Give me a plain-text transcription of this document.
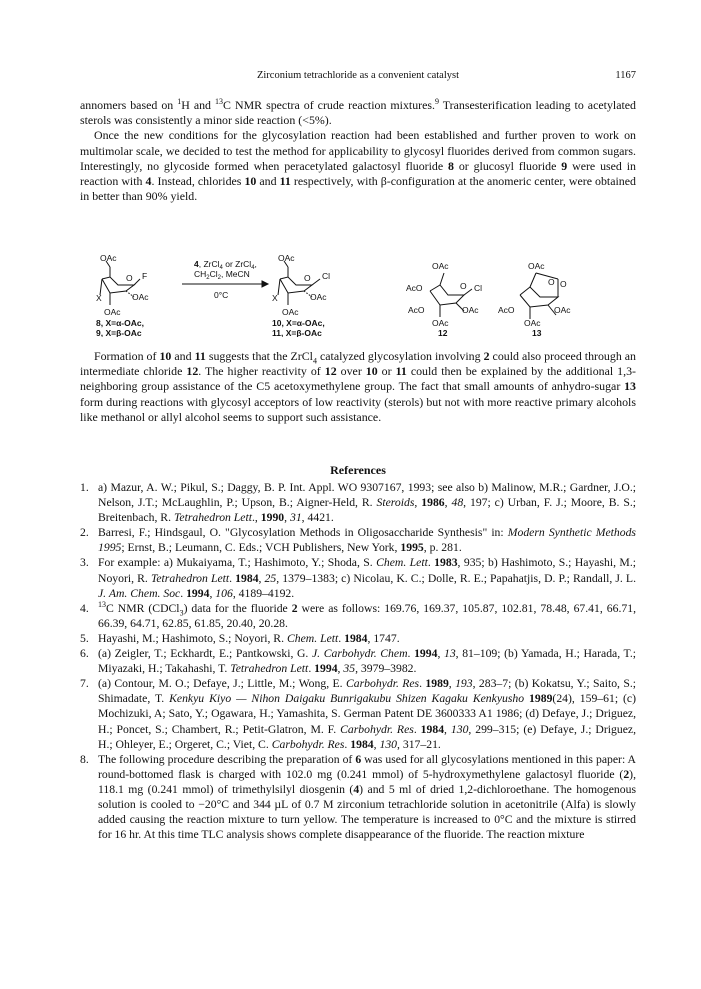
Zirconium tetrachloride as a convenient catalyst	1167

annomers based on $^1$H and $^{13}$C NMR spectra of crude reaction mixtures.$^9$ Transesterification leading to acetylated sterols was consistently a minor side reaction (<5%).

Once the new conditions for the glycosylation reaction had been established and further proven to work on multimolar scale, we decided to test the method for applicability to glycosyl fluorides derived from common sugars. Interestingly, no glycoside formed when peracetylated galactosyl fluoride 8 or glucosyl fluoride 9 were used in reaction with 4. Instead, chlorides 10 and 11 respectively, with β-configuration at the anomeric center, were obtained in better than 90% yield.

OAc
F
O
X	OAc
OAc
8, X=α-OAc,
9, X=β-OAc
4, ZrCl$_4$ or ZrCl$_4$,
$CH_2Cl_2$, MeCN
0°C
OAc
Cl
O
X	OAc
OAc
10, X=α-OAc,
11, X=β-OAc
OAc
AcO	O Cl
AcO	OAc
OAc
12
OAc
O O
AcO	OAc
OAc
13

Formation of 10 and 11 suggests that the ZrCl$_4$ catalyzed glycosylation involving 2 could also proceed through an intermediate chloride 12. The higher reactivity of 12 over 10 or 11 could then be explained by the additional 1,3-neighboring group assistance of the C5 acetoxymethylene group. The fact that small amounts of anhydro-sugar 13 form during reactions with glycosyl acceptors of low reactivity (sterols) but not with more reactive primary alcohols like methanol or allyl alcohol seems to support such assistance.

References
1. a) Mazur, A. W.; Pikul, S.; Daggy, B. P. Int. Appl. WO 9307167, 1993; see also b) Malinow, M.R.; Gardner, J.O.; Nelson, J.T.; McLaughlin, P.; Upson, B.; Aigner-Held, R. Steroids, 1986, 48, 197; c) Urban, F. J.; Moore, B. S.; Breitenbach, R. Tetrahedron Lett., 1990, 31, 4421.
2. Barresi, F.; Hindsgaul, O. "Glycosylation Methods in Oligosaccharide Synthesis" in: Modern Synthetic Methods 1995; Ernst, B.; Leumann, C. Eds.; VCH Publishers, New York, 1995, p. 281.
3. For example: a) Mukaiyama, T.; Hashimoto, Y.; Shoda, S. Chem. Lett. 1983, 935; b) Hashimoto, S.; Hayashi, M.; Noyori, R. Tetrahedron Lett. 1984, 25, 1379–1383; c) Nicolau, K. C.; Dolle, R. E.; Papahatjis, D. P.; Randall, J. L. J. Am. Chem. Soc. 1994, 106, 4189–4192.
4. $^{13}$C NMR (CDCl$_3$) data for the fluoride 2 were as follows: 169.76, 169.37, 105.87, 102.81, 78.48, 67.41, 66.71, 66.39, 64.71, 62.85, 61.85, 20.40, 20.28.
5. Hayashi, M.; Hashimoto, S.; Noyori, R. Chem. Lett. 1984, 1747.
6. (a) Zeigler, T.; Eckhardt, E.; Pantkowski, G. J. Carbohydr. Chem. 1994, 13, 81–109; (b) Yamada, H.; Harada, T.; Miyazaki, H.; Takahashi, T. Tetrahedron Lett. 1994, 35, 3979–3982.
7. (a) Contour, M. O.; Defaye, J.; Little, M.; Wong, E. Carbohydr. Res. 1989, 193, 283–7; (b) Kokatsu, Y.; Saito, S.; Shimadate, T. Kenkyu Kiyo — Nihon Daigaku Bunrigakubu Shizen Kagaku Kenkyusho 1989(24), 159–61; (c) Mochizuki, A; Sato, Y.; Ogawara, H.; Yamashita, S. German Patent DE 3600333 A1 1986; (d) Defaye, J.; Driguez, H.; Poncet, S.; Chambert, R.; Petit-Glatron, M. F. Carbohydr. Res. 1984, 130, 299–315; (e) Defaye, J.; Driguez, H.; Ohleyer, E.; Orgeret, C.; Viet, C. Carbohydr. Res. 1984, 130, 317–21.
8. The following procedure describing the preparation of 6 was used for all glycosylations mentioned in this paper: A round-bottomed flask is charged with 102.0 mg (0.241 mmol) of 5-hydroxymethylene galactosyl fluoride (2), 118.1 mg (0.241 mmol) of trimethylsilyl diosgenin (4) and 5 ml of dried 1,2-dichloroethane. The homogenous solution is cooled to −20°C and 344 µL of 0.7 M zirconium tetrachloride solution in acetonitrile (Alfa) is slowly added causing the reaction mixture to turn yellow. The temperature is increased to 0°C and the mixture is stirred for 16 hr. At this time TLC analysis shows complete disappearance of the fluoride. The reaction mixture
